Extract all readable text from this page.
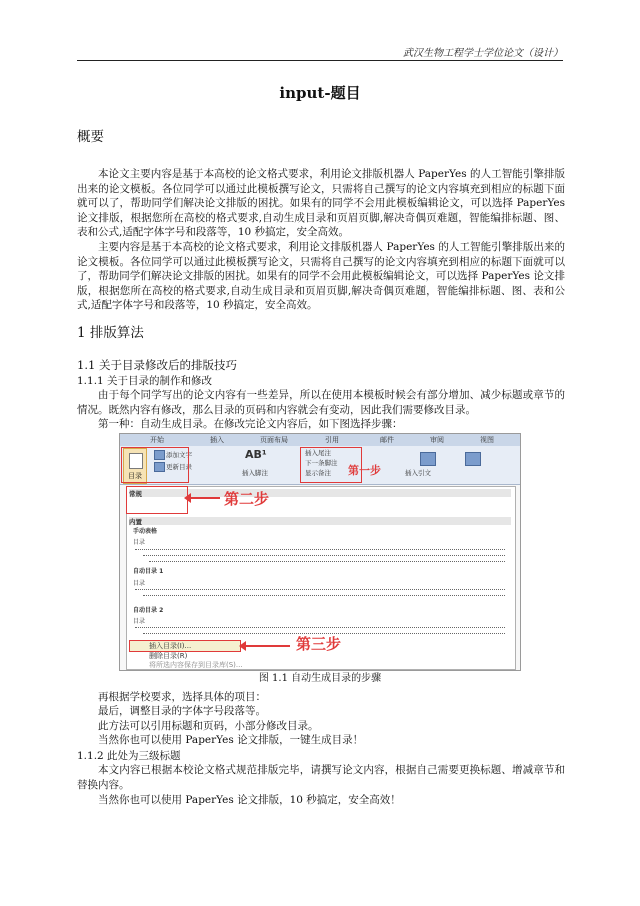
武汉生物工程学士学位论文（设计）
input-题目
概要

本论文主要内容是基于本高校的论文格式要求，利用论文排版机器人 PaperYes 的人工智能引擎排版出来的论文模板。各位同学可以通过此模板撰写论文，只需将自己撰写的论文内容填充到相应的标题下面就可以了，帮助同学们解决论文排版的困扰。如果有的同学不会用此模板编辑论文，可以选择 PaperYes 论文排版，根据您所在高校的格式要求,自动生成目录和页眉页脚,解决奇偶页难题，智能编排标题、图、表和公式,适配字体字号和段落等，10 秒搞定，安全高效。

主要内容是基于本高校的论文格式要求，利用论文排版机器人 PaperYes 的人工智能引擎排版出来的论文模板。各位同学可以通过此模板撰写论文，只需将自己撰写的论文内容填充到相应的标题下面就可以了，帮助同学们解决论文排版的困扰。如果有的同学不会用此模板编辑论文，可以选择 PaperYes 论文排版，根据您所在高校的格式要求,自动生成目录和页眉页脚,解决奇偶页难题，智能编排标题、图、表和公式,适配字体字号和段落等，10 秒搞定，安全高效。

1 排版算法
1.1 关于目录修改后的排版技巧
1.1.1 关于目录的制作和修改

由于每个同学写出的论文内容有一些差异，所以在使用本模板时候会有部分增加、减少标题或章节的情况。既然内容有修改，那么目录的页码和内容就会有变动，因此我们需要修改目录。

第一种：自动生成目录。在修改完论文内容后，如下图选择步骤：
开始	插入	页面布局	引用	邮件	审阅	视图
目录
添加文字
更新目录
AB¹
插入脚注
插入尾注
下一条脚注
显示备注	插入引文
第一步
常规
内置
手动表格
目录
自动目录 1
目录
自动目录 2
目录
插入目录(I)...
删除目录(R)
将所选内容保存到目录库(S)...
第二步
第三步
图 1.1 自动生成目录的步骤
再根据学校要求，选择具体的项目：
最后，调整目录的字体字号段落等。
此方法可以引用标题和页码，小部分修改目录。
当然你也可以使用 PaperYes 论文排版，一键生成目录！
1.1.2 此处为三级标题

本文内容已根据本校论文格式规范排版完毕，请撰写论文内容，根据自己需要更换标题、增减章节和替换内容。

当然你也可以使用 PaperYes 论文排版，10 秒搞定，安全高效！
